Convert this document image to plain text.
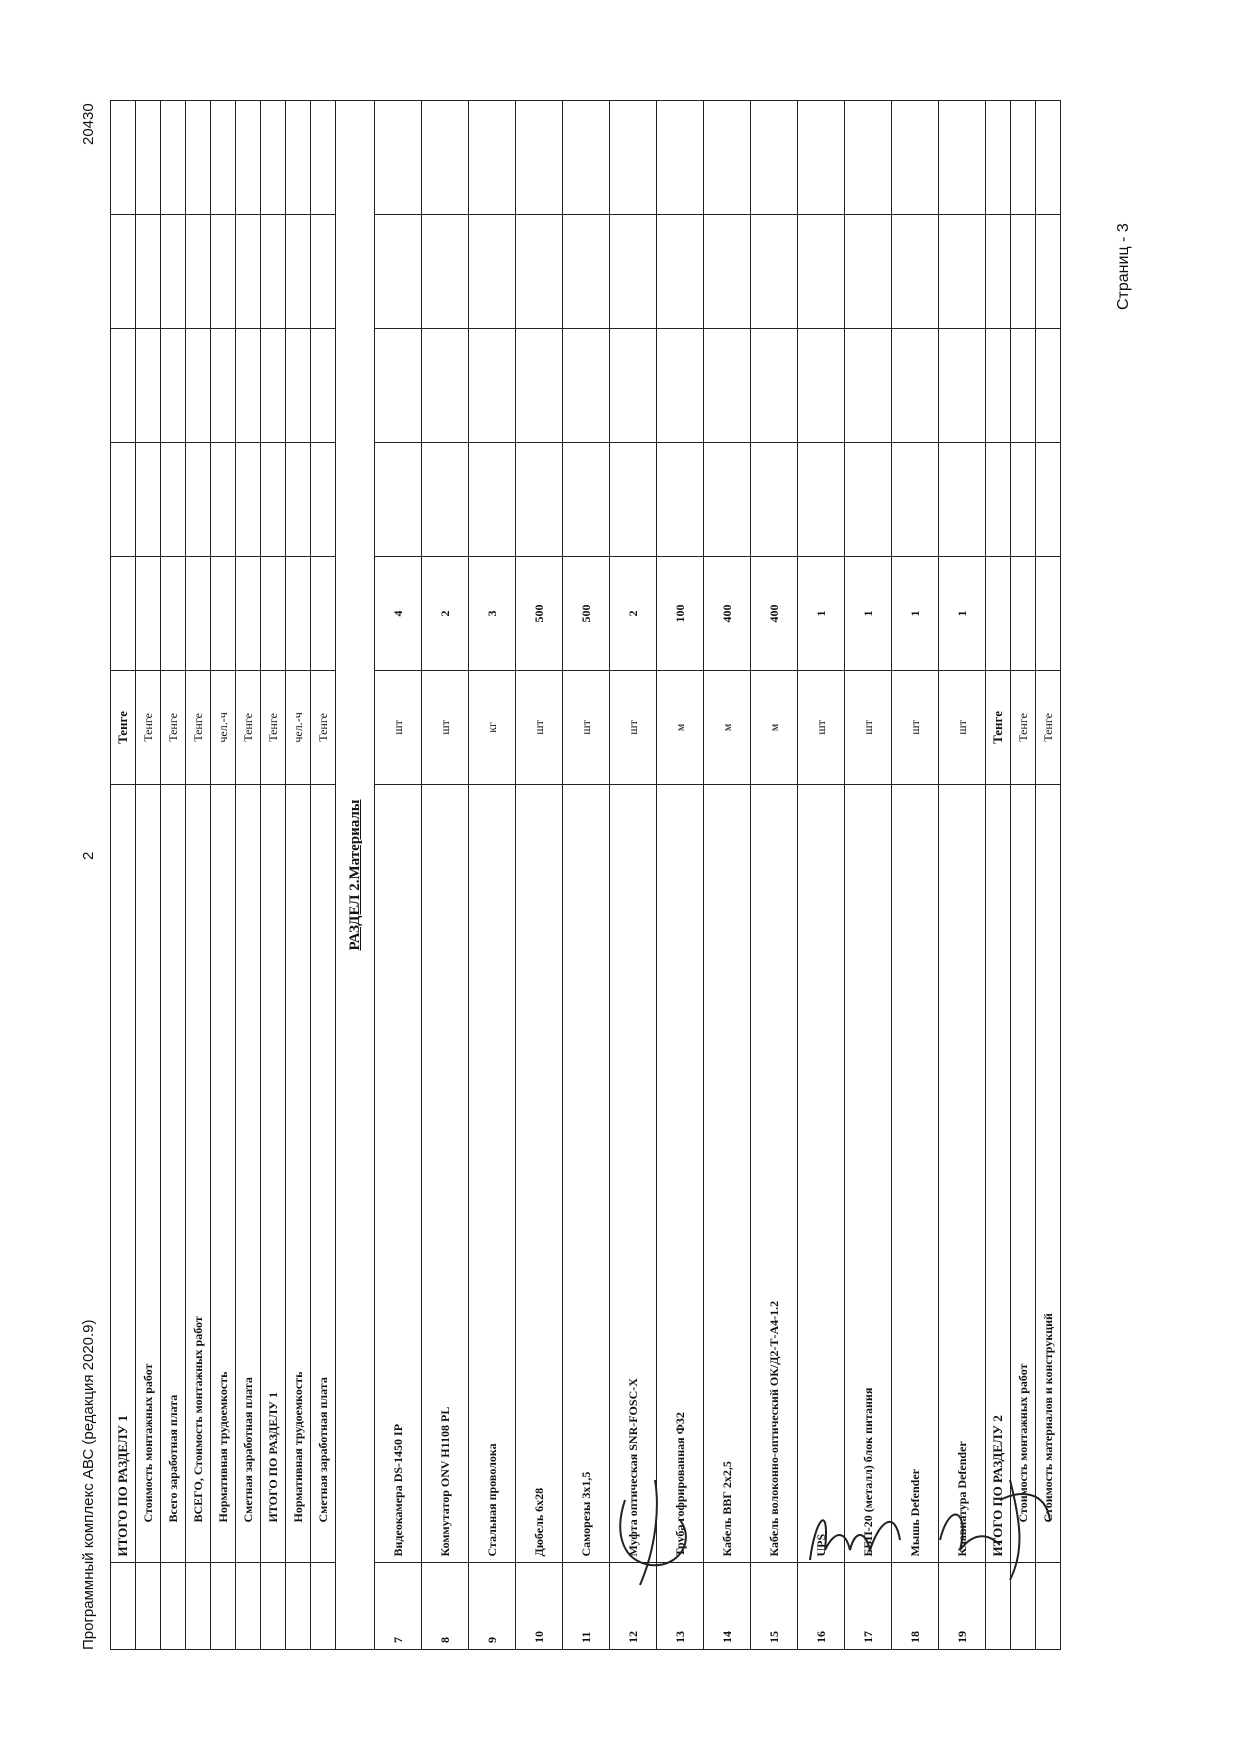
Программный комплекс АВС (редакция 2020.9)
2
20430
	ИТОГО ПО РАЗДЕЛУ 1	Тенге					
	Стоимость монтажных работ	Тенге					
	Всего заработная плата	Тенге					
	ВСЕГО, Стоимость монтажных работ	Тенге					
	Нормативная трудоемкость	чел.-ч					
	Сметная заработная плата	Тенге					
	ИТОГО ПО РАЗДЕЛУ 1	Тенге					
	Нормативная трудоемкость	чел.-ч					
	Сметная заработная плата	Тенге					
РАЗДЕЛ 2.Материалы							
7	Видеокамера DS-1450 IP	шт	4				
8	Коммутатор ONV H1108 PL	шт	2				
9	Стальная проволока	кг	3				
10	Дюбель 6х28	шт	500				
11	Саморезы 3х1,5	шт	500				
12	Муфта оптическая SNR-FOSC-X	шт	2				
13	Труба гофрированная Ф32	м	100				
14	Кабель ВВГ 2х2,5	м	400				
15	Кабель волоконно-оптический ОК/Д2-Т-А4-1.2	м	400				
16	UPS	шт	1				
17	ББП-20 (металл) блок питания	шт	1				
18	Мышь Defender	шт	1				
19	Клавиатура Defender	шт	1				
	ИТОГО ПО РАЗДЕЛУ 2	Тенге					
	Стоимость монтажных работ	Тенге					
	Стоимость материалов и конструкций	Тенге					
Страниц - 3
